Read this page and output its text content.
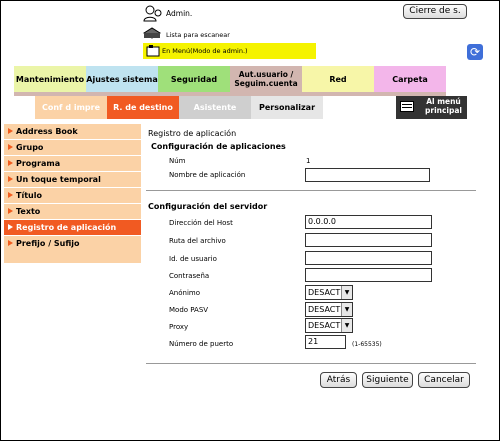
Admin.	Cierre de s.
Lista para escanear
En Menú(Modo de admin.)	⟳
Mantenimiento Ajustes sistema	Seguridad	Aut.usuario / Seguim.cuenta	Red	Carpeta
Conf d impre	R. de destino	Asistente	Personalizar
Al menú principal
Address Book
Grupo
Programa
Un toque temporal
Título
Texto
Registro de aplicación
Prefijo / Sufijo
Registro de aplicación
Configuración de aplicaciones
Núm	1
Nombre de aplicación
Configuración del servidor
Dirección del Host	0.0.0.0
Ruta del archivo
Id. de usuario
Contraseña
Anónimo	DESACT ▼
Modo PASV	DESACT ▼
Proxy	DESACT ▼
Número de puerto	21	(1-65535)
Atrás	Siguiente	Cancelar
